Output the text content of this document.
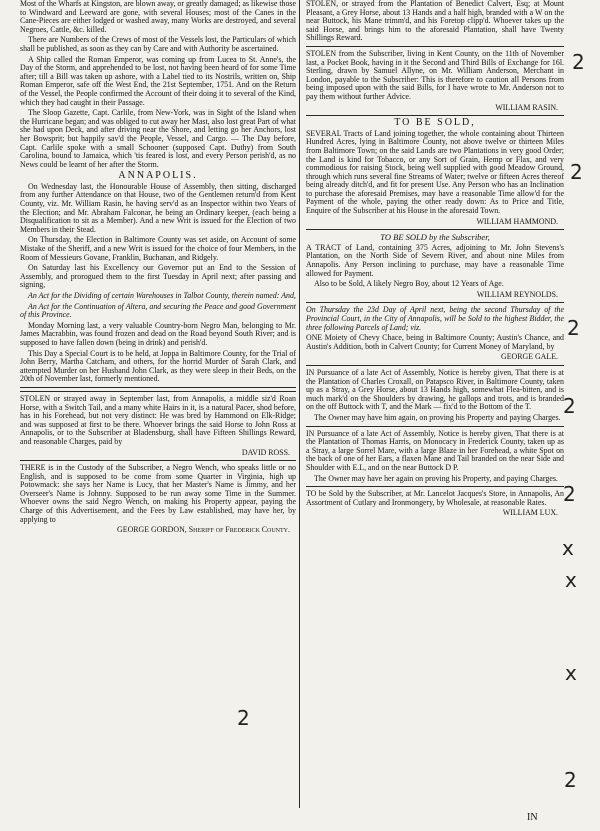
Most of the Wharfs at Kingston, are blown away, or greatly damaged; as likewise those to Windward and Leeward are gone, with several Houses; most of the Canes in the Cane-Pieces are either lodged or washed away, many Works are destroyed, and several Negroes, Cattle, &c. killed.

There are Numbers of the Crews of most of the Vessels lost, the Particulars of which shall be published, as soon as they can by Care and with Authority be ascertained.

A Ship called the Roman Emperor, was coming up from Lucea to St. Anne's, the Day of the Storm, and apprehended to be lost, not having been heard of for some Time after; till a Bill was taken up ashore, with a Label tied to its Nostrils, written on, Ship Roman Emperor, safe off the West End, the 21st September, 1751. And on the Return of the Vessel, the People confirmed the Account of their doing it to several of the Kind, which they had caught in their Passage.

The Sloop Gazette, Capt. Carlile, from New-York, was in Sight of the Island when the Hurricane began; and was obliged to cut away her Mast, also lost great Part of what she had upon Deck, and after driving near the Shore, and letting go her Anchors, lost her Bowsprit; but happily sav'd the People, Vessel, and Cargo. — The Day before, Capt. Carlile spoke with a small Schooner (supposed Capt. Duthy) from South Carolina, bound to Jamaica, which 'tis feared is lost, and every Person perish'd, as no News could be learnt of her after the Storm.

ANNAPOLIS.

On Wednesday last, the Honourable House of Assembly, then sitting, discharged from any further Attendance on that House, two of the Gentlemen return'd from Kent County, viz. Mr. William Rasin, he having serv'd as an Inspector within two Years of the Election; and Mr. Abraham Falconar, he being an Ordinary keeper, (each being a Disqualification to sit as a Member). And a new Writ is issued for the Election of two Members in their Stead.

On Thursday, the Election in Baltimore County was set aside, on Account of some Mistake of the Sheriff, and a new Writ is issued for the choice of four Members, in the Room of Messieurs Govane, Franklin, Buchanan, and Ridgely.

On Saturday last his Excellency our Governor put an End to the Session of Assembly, and prorogued them to the first Tuesday in April next; after passing and signing,

An Act for the Dividing of certain Warehouses in Talbot County, therein named: And,

An Act for the Continuation of Altera, and securing the Peace and good Government of this Province.

Monday Morning last, a very valuable Country-born Negro Man, belonging to Mr. James Macrabbin, was found frozen and dead on the Road beyond South River; and is supposed to have fallen down (being in drink) and perish'd.

This Day a Special Court is to be held, at Joppa in Baltimore County, for the Trial of John Berry, Martha Catcham, and others, for the horrid Murder of Sarah Clark, and attempted Murder on her Husband John Clark, as they were sleep in their Beds, on the 20th of November last, formerly mentioned.

STOLEN or strayed away in September last, from Annapolis, a middle siz'd Roan Horse, with a Switch Tail, and a many white Hairs in it, is a natural Pacer, shod before, has in his Forehead, but not very distinct: He was bred by Hammond on Elk-Ridge; and was supposed at first to be there. Whoever brings the said Horse to John Ross at Annapolis, or to the Subscriber at Bladensburg, shall have Fifteen Shillings Reward, and reasonable Charges, paid by

DAVID ROSS.

THERE is in the Custody of the Subscriber, a Negro Wench, who speaks little or no English, and is supposed to be come from some Quarter in Virginia, high up Potowmack: she says her Name is Lucy, that her Master's Name is Jimmy, and her Overseer's Name is Johnny. Supposed to be run away some Time in the Summer. Whoever owns the said Negro Wench, on making his Property appear, paying the Charge of this Advertisement, and the Fees by Law established, may have her, by applying to

GEORGE GORDON, Sheriff of Frederick County.

STOLEN, or strayed from the Plantation of Benedict Calvert, Esq; at Mount Pleasant, a Grey Horse, about 13 Hands and a half high, branded with a W on the near Buttock, his Mane trimm'd, and his Foretop clipp'd. Whoever takes up the said Horse, and brings him to the aforesaid Plantation, shall have Twenty Shillings Reward.

STOLEN from the Subscriber, living in Kent County, on the 11th of November last, a Pocket Book, having in it the Second and Third Bills of Exchange for 16l. Sterling, drawn by Samuel Allyne, on Mr. William Anderson, Merchant in London, payable to the Subscriber: This is therefore to caution all Persons from being imposed upon with the said Bills, for I have wrote to Mr. Anderson not to pay them without further Advice.

WILLIAM RASIN.
TO BE SOLD,

SEVERAL Tracts of Land joining together, the whole containing about Thirteen Hundred Acres, lying in Baltimore County, not above twelve or thirteen Miles from Baltimore Town; on the said Lands are two Plantations in very good Order; the Land is kind for Tobacco, or any Sort of Grain, Hemp or Flax, and very commodious for raising Stock, being well supplied with good Meadow Ground, through which runs several fine Streams of Water; twelve or fifteen Acres thereof being already ditch'd, and fit for present Use. Any Person who has an Inclination to purchase the aforesaid Premises, may have a reasonable Time allow'd for the Payment of the whole, paying the other ready down: As to Price and Title, Enquire of the Subscriber at his House in the aforesaid Town.

WILLIAM HAMMOND.
TO BE SOLD by the Subscriber,

A TRACT of Land, containing 375 Acres, adjoining to Mr. John Stevens's Plantation, on the North Side of Severn River, and about nine Miles from Annapolis. Any Person inclining to purchase, may have a reasonable Time allowed for Payment.

Also to be Sold, A likely Negro Boy, about 12 Years of Age.

WILLIAM REYNOLDS.

On Thursday the 23d Day of April next, being the second Thursday of the Provincial Court, in the City of Annapolis, will be Sold to the highest Bidder, the three following Parcels of Land; viz.

ONE Moiety of Chevy Chace, being in Baltimore County; Austin's Chance, and Austin's Addition, both in Calvert County; for Current Money of Maryland, by

GEORGE GALE.

IN Pursuance of a late Act of Assembly, Notice is hereby given, That there is at the Plantation of Charles Croxall, on Patapsco River, in Baltimore County, taken up as a Stray, a Grey Horse, about 13 Hands high, somewhat Flea-bitten, and is much mark'd on the Shoulders by drawing, he gallops and trots, and is branded on the off Buttock with T, and the Mark — fix'd to the Bottom of the T.

The Owner may have him again, on proving his Property and paying Charges.

IN Pursuance of a late Act of Assembly, Notice is hereby given, That there is at the Plantation of Thomas Harris, on Monocacy in Frederick County, taken up as a Stray, a large Sorrel Mare, with a large Blaze in her Forehead, a white Spot on the back of one of her Ears, a flaxen Mane and Tail branded on the near Side and Shoulder with E.L, and on the near Buttock D P.

The Owner may have her again on proving his Property, and paying Charges.

TO be Sold by the Subscriber, at Mr. Lancelot Jacques's Store, in Annapolis, An Assortment of Cutlary and Ironmongery, by Wholesale, at reasonable Rates.

WILLIAM LUX.
2
2
2
2
2
x
x
x
2
2
IN
